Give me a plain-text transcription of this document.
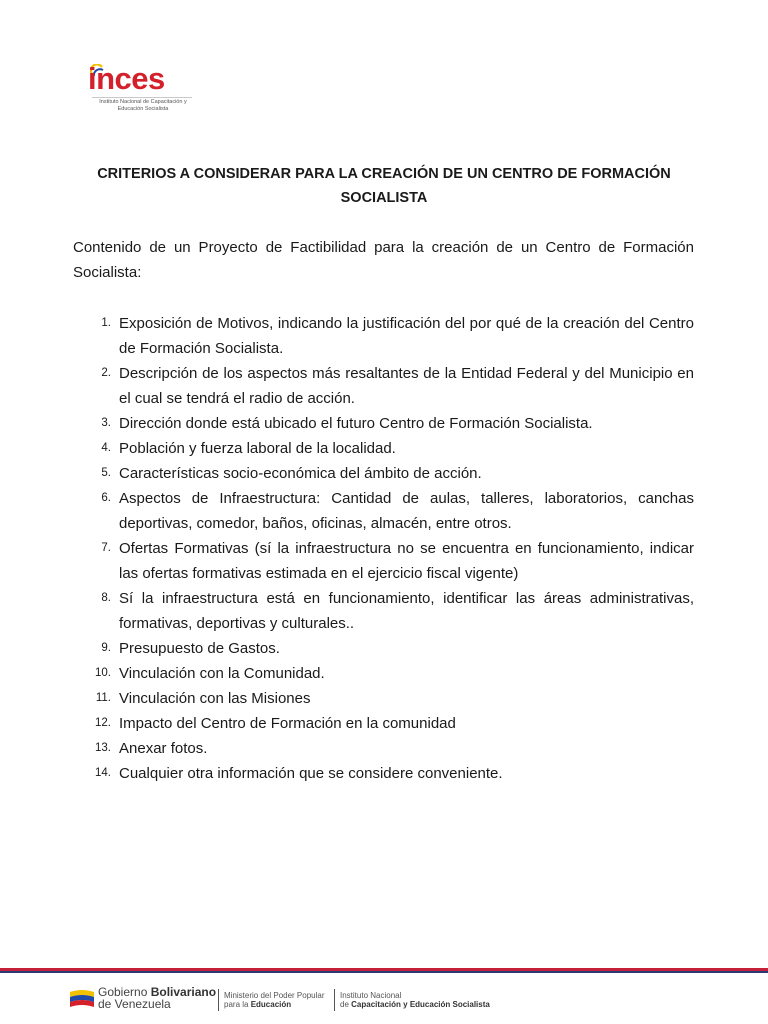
inces
Instituto Nacional de Capacitación y
Educación Socialista
CRITERIOS A CONSIDERAR PARA LA CREACIÓN DE UN CENTRO DE FORMACIÓN SOCIALISTA
Contenido de un Proyecto de Factibilidad para la creación de un Centro de Formación Socialista:
1. Exposición de Motivos, indicando la justificación del por qué de la creación del Centro de Formación Socialista.
2. Descripción de los aspectos más resaltantes de la Entidad Federal y del Municipio en el cual se tendrá el radio de acción.
3. Dirección donde está ubicado el futuro Centro de Formación Socialista.
4. Población y fuerza laboral de la localidad.
5. Características socio-económica del ámbito de acción.
6. Aspectos de Infraestructura: Cantidad de aulas, talleres, laboratorios, canchas deportivas, comedor, baños, oficinas, almacén, entre otros.
7. Ofertas Formativas (sí la infraestructura no se encuentra en funcionamiento, indicar las ofertas formativas estimada en el ejercicio fiscal vigente)
8. Sí la infraestructura está en funcionamiento, identificar las áreas administrativas, formativas, deportivas y culturales..
9. Presupuesto de Gastos.
10. Vinculación con la Comunidad.
11. Vinculación con las Misiones
12. Impacto del Centro de Formación en la comunidad
13. Anexar fotos.
14. Cualquier otra información que se considere conveniente.
Gobierno Bolivariano
de Venezuela
Ministerio del Poder Popular
para la Educación
Instituto Nacional
de Capacitación y Educación Socialista
